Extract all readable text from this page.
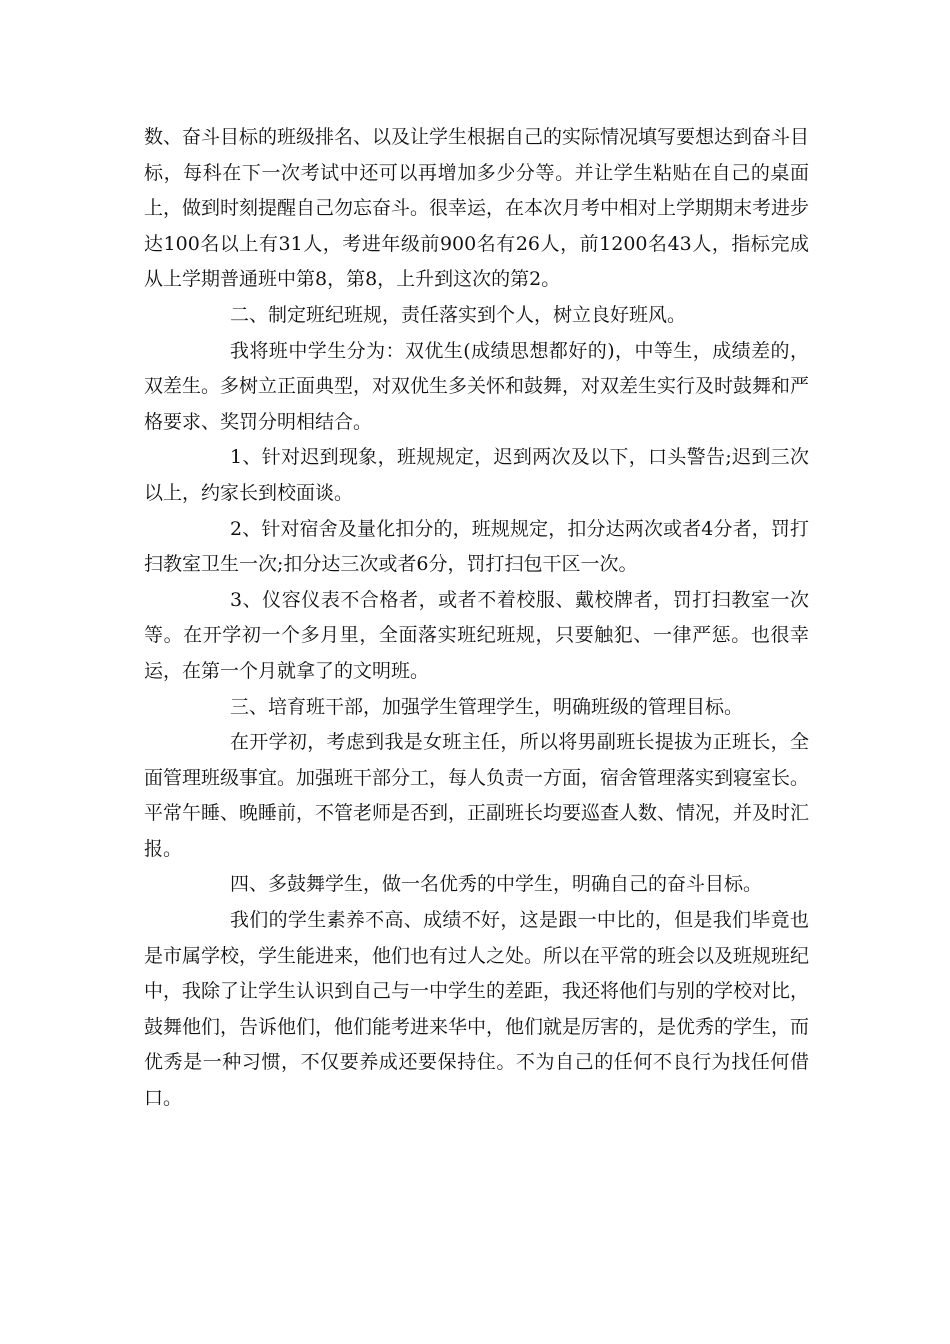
数、奋斗目标的班级排名、以及让学生根据自己的实际情况填写要想达到奋斗目标，每科在下一次考试中还可以再增加多少分等。并让学生粘贴在自己的桌面上，做到时刻提醒自己勿忘奋斗。很幸运，在本次月考中相对上学期期末考进步达100名以上有31人，考进年级前900名有26人，前1200名43人，指标完成从上学期普通班中第8，第8，上升到这次的第2。

二、制定班纪班规，责任落实到个人，树立良好班风。

我将班中学生分为：双优生(成绩思想都好的)，中等生，成绩差的，双差生。多树立正面典型，对双优生多关怀和鼓舞，对双差生实行及时鼓舞和严格要求、奖罚分明相结合。

1、针对迟到现象，班规规定，迟到两次及以下，口头警告;迟到三次以上，约家长到校面谈。

2、针对宿舍及量化扣分的，班规规定，扣分达两次或者4分者，罚打扫教室卫生一次;扣分达三次或者6分，罚打扫包干区一次。

3、仪容仪表不合格者，或者不着校服、戴校牌者，罚打扫教室一次等。在开学初一个多月里，全面落实班纪班规，只要触犯、一律严惩。也很幸运，在第一个月就拿了的文明班。

三、培育班干部，加强学生管理学生，明确班级的管理目标。

在开学初，考虑到我是女班主任，所以将男副班长提拔为正班长，全面管理班级事宜。加强班干部分工，每人负责一方面，宿舍管理落实到寝室长。平常午睡、晚睡前，不管老师是否到，正副班长均要巡查人数、情况，并及时汇报。

四、多鼓舞学生，做一名优秀的中学生，明确自己的奋斗目标。

我们的学生素养不高、成绩不好，这是跟一中比的，但是我们毕竟也是市属学校，学生能进来，他们也有过人之处。所以在平常的班会以及班规班纪中，我除了让学生认识到自己与一中学生的差距，我还将他们与别的学校对比，鼓舞他们，告诉他们，他们能考进来华中，他们就是厉害的，是优秀的学生，而优秀是一种习惯，不仅要养成还要保持住。不为自己的任何不良行为找任何借口。
